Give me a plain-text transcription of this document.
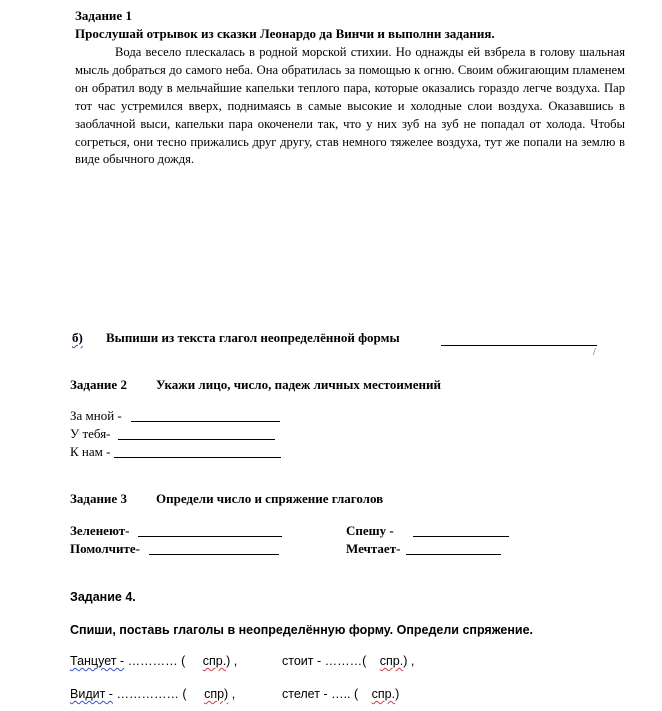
Задание 1
Прослушай отрывок из сказки Леонардо да Винчи и выполни задания.
Вода весело плескалась в родной морской стихии. Но однажды ей взбрела в голову шальная мысль добраться до самого неба. Она обратилась за помощью к огню. Своим обжигающим пламенем он обратил воду в мельчайшие капельки теплого пара, которые оказались гораздо легче воздуха. Пар тот час устремился вверх, поднимаясь в самые высокие и холодные слои воздуха. Оказавшись в заоблачной выси, капельки пара окоченели так, что у них зуб на зуб не попадал от холода. Чтобы согреться, они тесно прижались друг другу, став немного тяжелее воздуха, тут же попали на землю в виде обычного дождя.
б) Выпиши из текста глагол неопределённой формы
/
Задание 2 Укажи лицо, число, падеж личных местоимений
За мной -
У тебя-
К нам -
Задание 3 Определи число и спряжение глаголов
Зеленеют-
Помолчите-
Спешу -
Мечтает-
Задание 4.
Спиши, поставь глаголы в неопределённую форму. Определи спряжение.
Танцует - ………… ( спр.) ,	стоит - ………( спр.) ,
Видит - …………… ( спр) ,	стелет - ….. ( спр.)
